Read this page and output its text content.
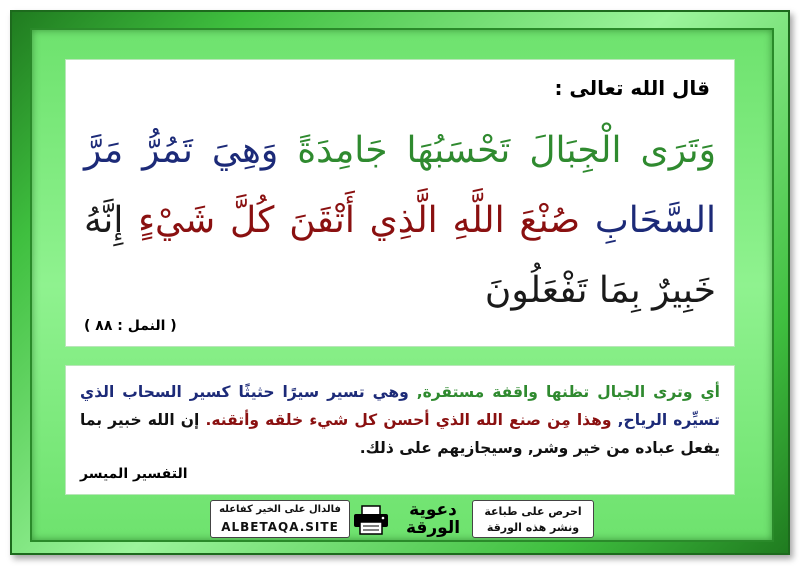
قال الله تعالى :
وَتَرَى الْجِبَالَ تَحْسَبُهَا جَامِدَةً وَهِيَ تَمُرُّ مَرَّ السَّحَابِ صُنْعَ اللَّهِ الَّذِي أَتْقَنَ كُلَّ شَيْءٍ إِنَّهُ خَبِيرٌ بِمَا تَفْعَلُونَ
( النمل : ٨٨ )
أي وترى الجبال تظنها واقفة مستقرة, وهي تسير سيرًا حثيثًا كسير السحاب الذي تسيِّره الرياح, وهذا مِن صنع الله الذي أحسن كل شيء خلقه وأتقنه. إن الله خبير بما يفعل عباده من خير وشر, وسيجازيهم على ذلك.
التفسير الميسر
فالدال على الخير كفاعله
ALBETAQA.SITE
دعوية
الورقة
احرص على طباعة
ونشر هذه الورقة
